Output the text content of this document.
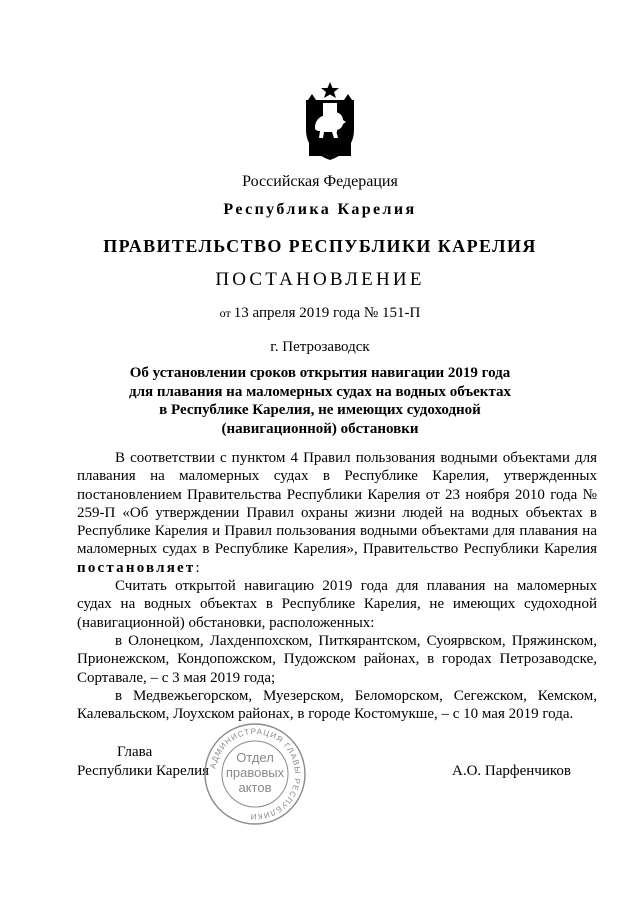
Российская Федерация
Республика Карелия
ПРАВИТЕЛЬСТВО РЕСПУБЛИКИ КАРЕЛИЯ
ПОСТАНОВЛЕНИЕ
от 13 апреля 2019 года № 151-П
г. Петрозаводск
Об установлении сроков открытия навигации 2019 года
для плавания на маломерных судах на водных объектах
в Республике Карелия, не имеющих судоходной
(навигационной) обстановки

В соответствии с пунктом 4 Правил пользования водными объектами для плавания на маломерных судах в Республике Карелия, утвержденных постановлением Правительства Республики Карелия от 23 ноября 2010 года № 259-П «Об утверждении Правил охраны жизни людей на водных объектах в Республике Карелия и Правил пользования водными объектами для плавания на маломерных судах в Республике Карелия», Правительство Республики Карелия постановляет:

Считать открытой навигацию 2019 года для плавания на маломерных судах на водных объектах в Республике Карелия, не имеющих судоходной (навигационной) обстановки, расположенных:

в Олонецком, Лахденпохском, Питкярантском, Суоярвском, Пряжинском, Прионежском, Кондопожском, Пудожском районах, в городах Петрозаводске, Сортавале, – с 3 мая 2019 года;

в Медвежьегорском, Муезерском, Беломорском, Сегежском, Кемском, Калевальском, Лоухском районах, в городе Костомукше, – с 10 мая 2019 года.

Глава
Республики Карелия	А.О. Парфенчиков
АДМИНИСТРАЦИЯ ГЛАВЫ РЕСПУБЛИКИ
Отдел
правовых
актов
